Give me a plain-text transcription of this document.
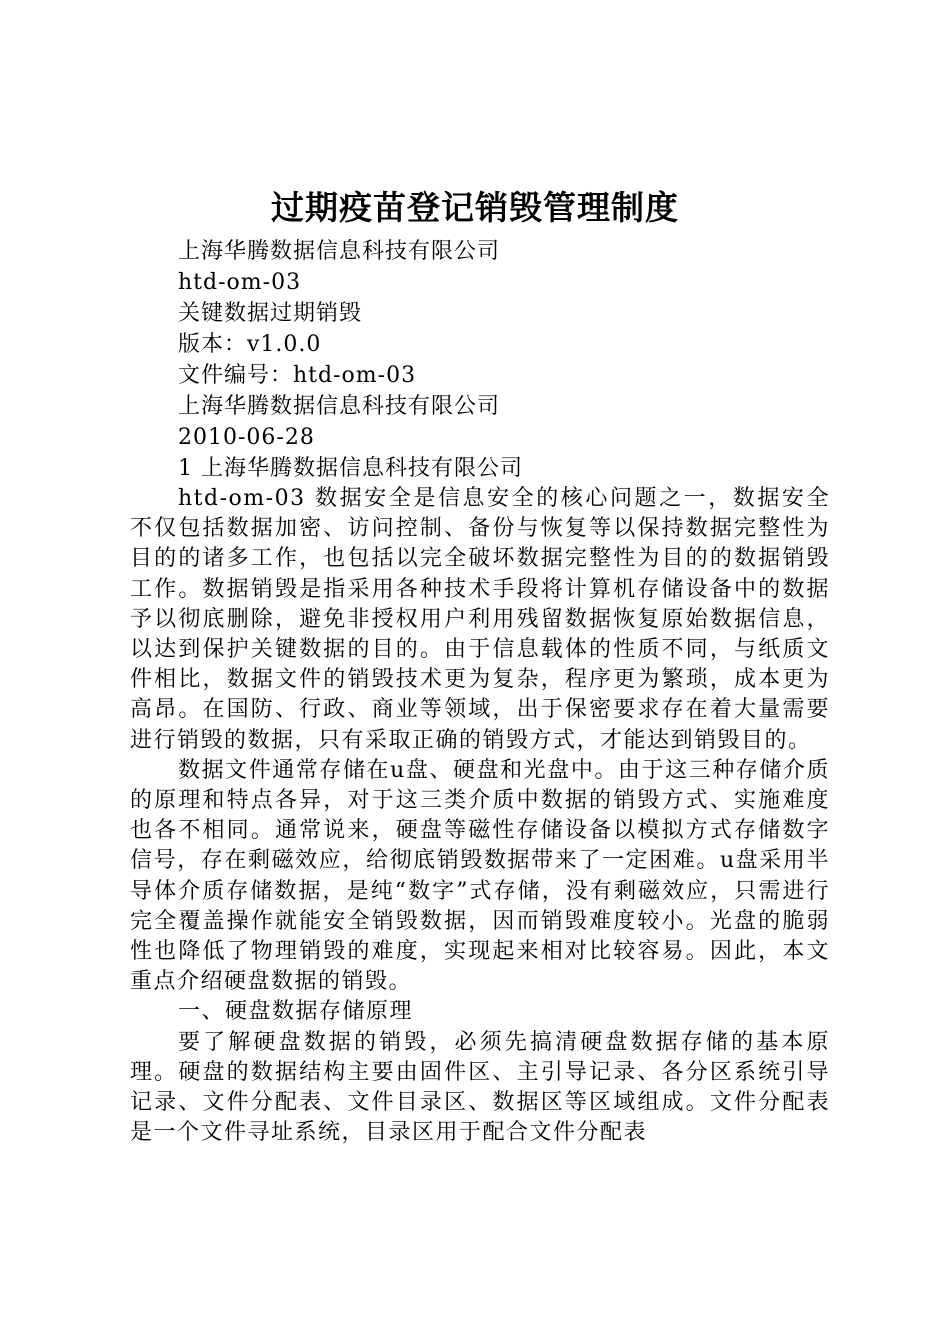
过期疫苗登记销毁管理制度
上海华腾数据信息科技有限公司
htd-om-03
关键数据过期销毁
版本：v1.0.0
文件编号：htd-om-03
上海华腾数据信息科技有限公司
2010-06-28
1 上海华腾数据信息科技有限公司

htd-om-03 数据安全是信息安全的核心问题之一，数据安全不仅包括数据加密、访问控制、备份与恢复等以保持数据完整性为目的的诸多工作，也包括以完全破坏数据完整性为目的的数据销毁工作。数据销毁是指采用各种技术手段将计算机存储设备中的数据予以彻底删除，避免非授权用户利用残留数据恢复原始数据信息，以达到保护关键数据的目的。由于信息载体的性质不同，与纸质文件相比，数据文件的销毁技术更为复杂，程序更为繁琐，成本更为高昂。在国防、行政、商业等领域，出于保密要求存在着大量需要进行销毁的数据，只有采取正确的销毁方式，才能达到销毁目的。

数据文件通常存储在u盘、硬盘和光盘中。由于这三种存储介质的原理和特点各异，对于这三类介质中数据的销毁方式、实施难度也各不相同。通常说来，硬盘等磁性存储设备以模拟方式存储数字信号，存在剩磁效应，给彻底销毁数据带来了一定困难。u盘采用半导体介质存储数据，是纯“数字”式存储，没有剩磁效应，只需进行完全覆盖操作就能安全销毁数据，因而销毁难度较小。光盘的脆弱性也降低了物理销毁的难度，实现起来相对比较容易。因此，本文重点介绍硬盘数据的销毁。

一、硬盘数据存储原理

要了解硬盘数据的销毁，必须先搞清硬盘数据存储的基本原理。硬盘的数据结构主要由固件区、主引导记录、各分区系统引导记录、文件分配表、文件目录区、数据区等区域组成。文件分配表是一个文件寻址系统，目录区用于配合文件分配表
